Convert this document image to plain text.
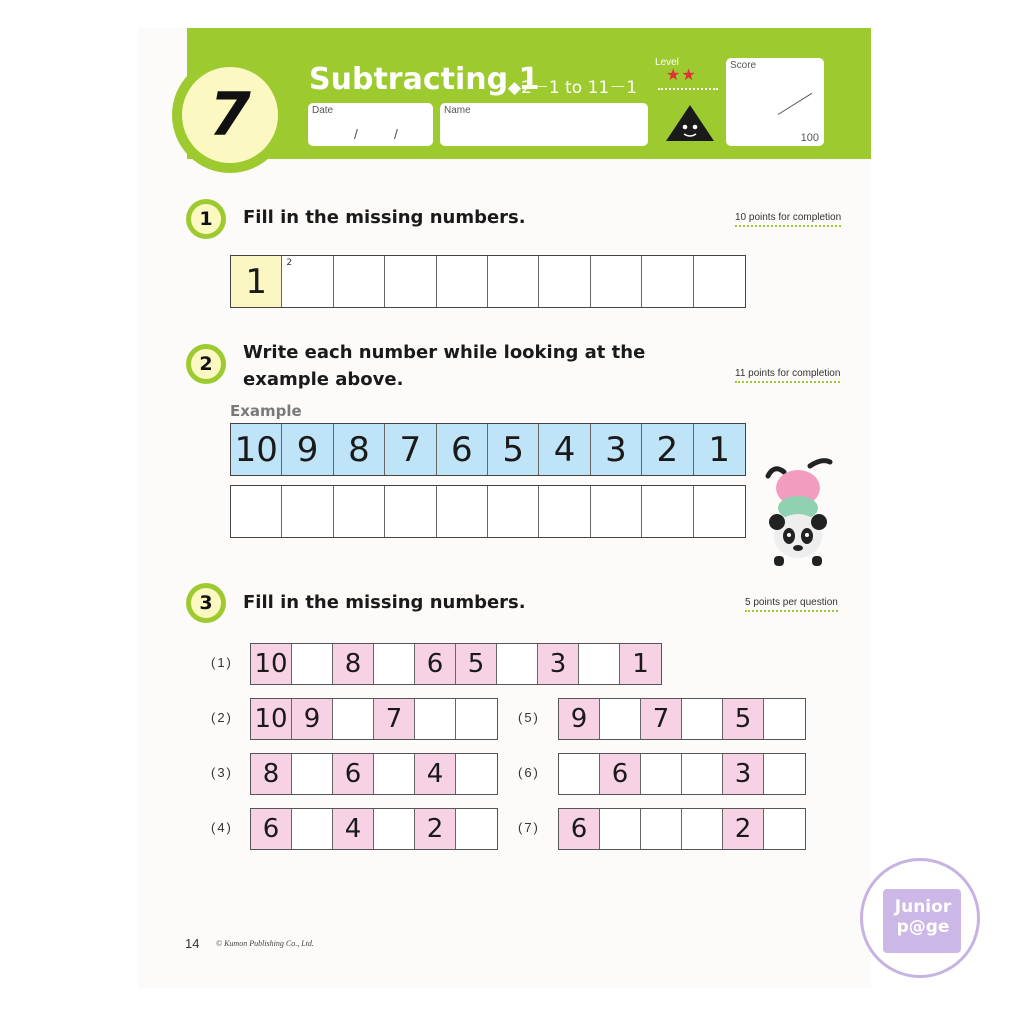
7
Subtracting 1
◆2－1 to 11－1
Date
/	/
Name
Level
★★
Score
100
1	Fill in the missing numbers.	10 points for completion
1	2
2
Write each number while looking at the
example above.	11 points for completion
Example
10 9 8 7 6 5 4 3 2 1
3	Fill in the missing numbers.	5 points per question
(1) 10	8	6 5	3	1
(2) 10 9	7
(3)	8	6	4
(4)	6	4	2
(5)	9	7	5
(6)	6	3
(7)	6	2
14 © Kumon Publishing Co., Ltd.
Junior
p@ge
